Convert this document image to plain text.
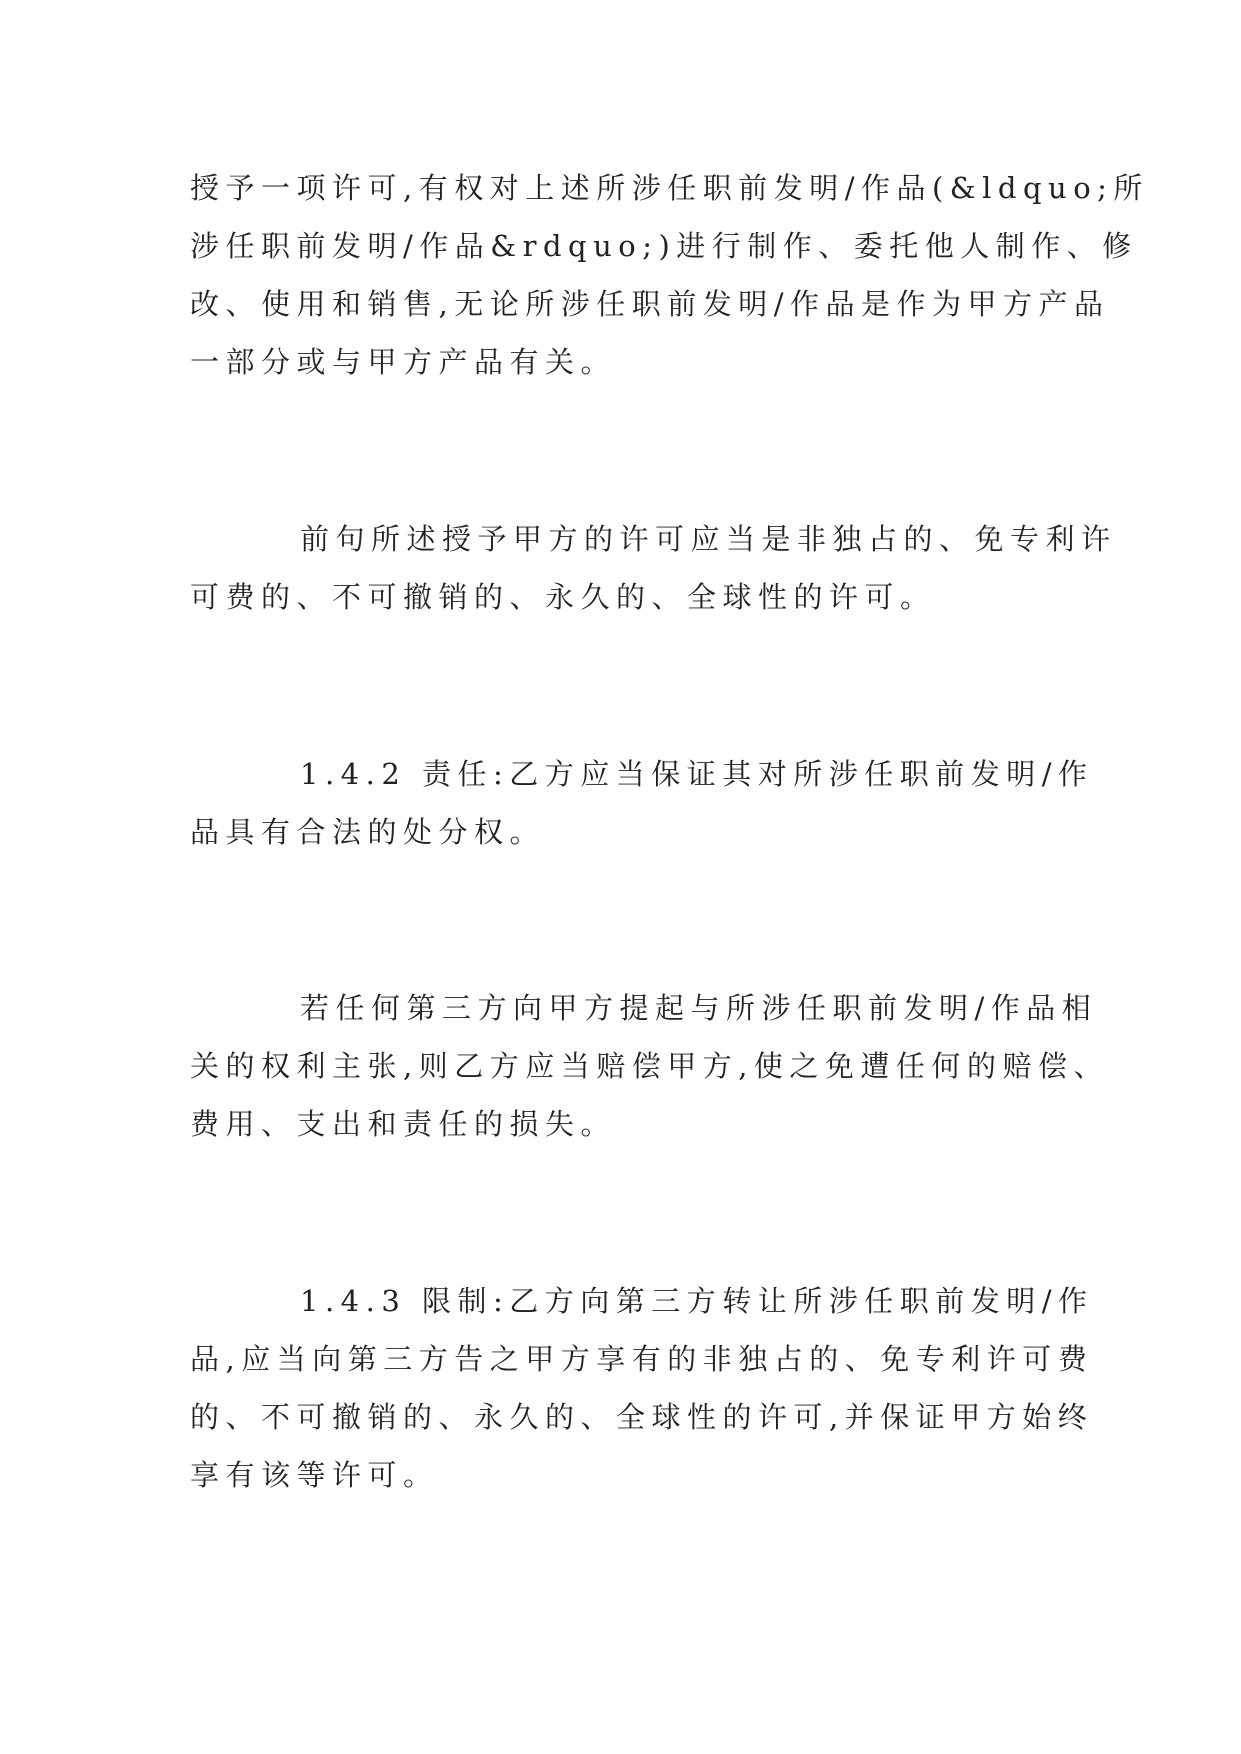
授予一项许可,有权对上述所涉任职前发明/作品(&ldquo;所
涉任职前发明/作品&rdquo;)进行制作、委托他人制作、修
改、使用和销售,无论所涉任职前发明/作品是作为甲方产品
一部分或与甲方产品有关。

前句所述授予甲方的许可应当是非独占的、免专利许
可费的、不可撤销的、永久的、全球性的许可。

1.4.2 责任:乙方应当保证其对所涉任职前发明/作
品具有合法的处分权。

若任何第三方向甲方提起与所涉任职前发明/作品相
关的权利主张,则乙方应当赔偿甲方,使之免遭任何的赔偿、
费用、支出和责任的损失。

1.4.3 限制:乙方向第三方转让所涉任职前发明/作
品,应当向第三方告之甲方享有的非独占的、免专利许可费
的、不可撤销的、永久的、全球性的许可,并保证甲方始终
享有该等许可。
